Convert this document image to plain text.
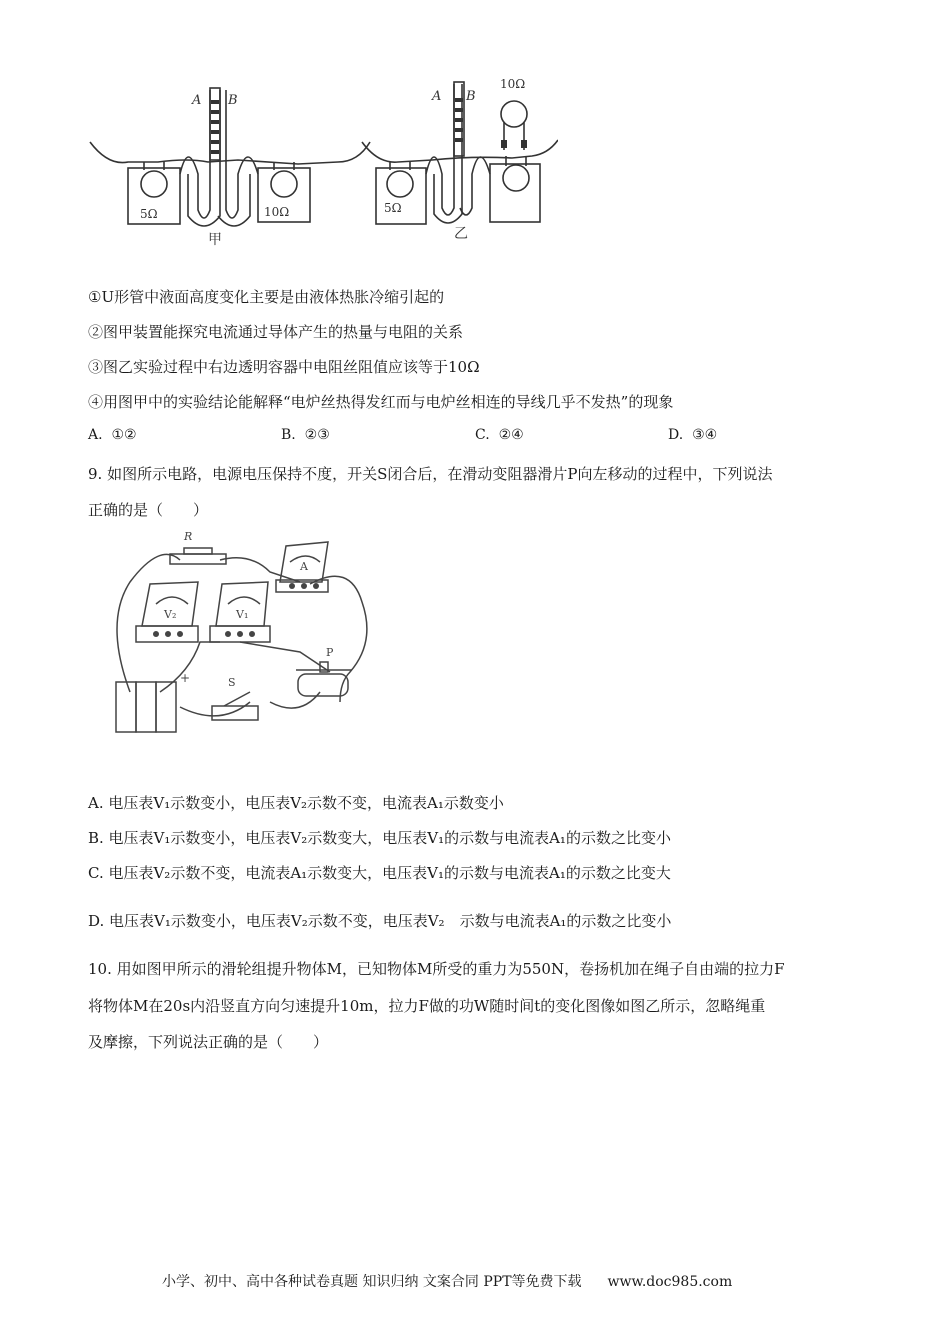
A B
5Ω	10Ω
甲
A B
5Ω
10Ω
乙
①U形管中液面高度变化主要是由液体热胀冷缩引起的
②图甲装置能探究电流通过导体产生的热量与电阻的关系
③图乙实验过程中右边透明容器中电阻丝阻值应该等于10Ω
④用图甲中的实验结论能解释“电炉丝热得发红而与电炉丝相连的导线几乎不发热”的现象
A. ①②	B. ②③	C. ②④	D. ③④
9. 如图所示电路，电源电压保持不度，开关S闭合后，在滑动变阻器滑片P向左移动的过程中，下列说法
正确的是（　　）
R
A
V₂	V₁
S
P
+
A. 电压表V₁示数变小，电压表V₂示数不变，电流表A₁示数变小
B. 电压表V₁示数变小，电压表V₂示数变大，电压表V₁的示数与电流表A₁的示数之比变小
C. 电压表V₂示数不变，电流表A₁示数变大，电压表V₁的示数与电流表A₁的示数之比变大
D. 电压表V₁示数变小，电压表V₂示数不变，电压表V₂　示数与电流表A₁的示数之比变小
10. 用如图甲所示的滑轮组提升物体M，已知物体M所受的重力为550N，卷扬机加在绳子自由端的拉力F
将物体M在20s内沿竖直方向匀速提升10m，拉力F做的功W随时间t的变化图像如图乙所示，忽略绳重
及摩擦，下列说法正确的是（　　）
小学、初中、高中各种试卷真题 知识归纳 文案合同 PPT等免费下载 www.doc985.com
